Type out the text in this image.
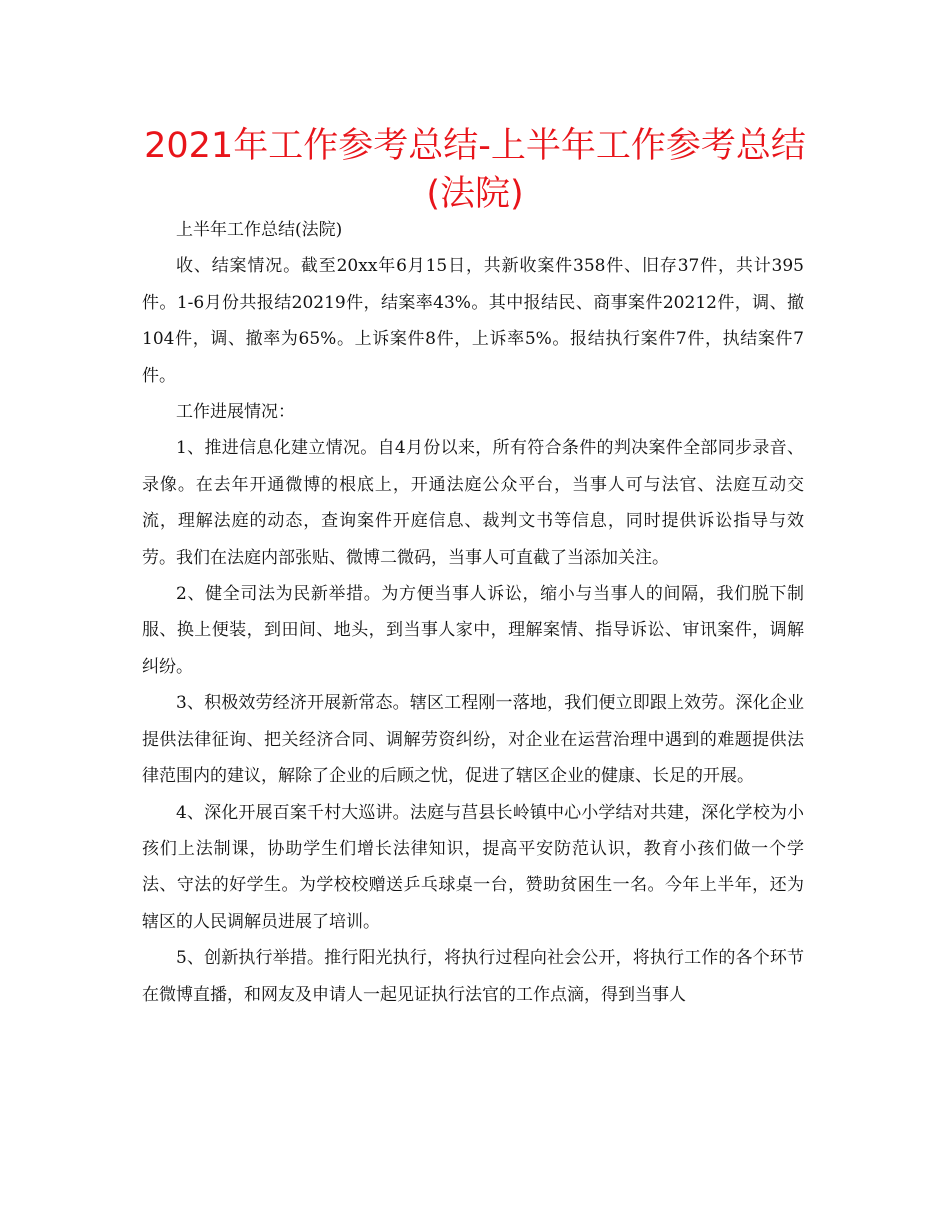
2021年工作参考总结-上半年工作参考总结(法院)

上半年工作总结(法院)

收、结案情况。截至20xx年6月15日，共新收案件358件、旧存37件，共计395件。1-6月份共报结20219件，结案率43%。其中报结民、商事案件20212件，调、撤104件，调、撤率为65%。上诉案件8件，上诉率5%。报结执行案件7件，执结案件7件。

工作进展情况：

1、推进信息化建立情况。自4月份以来，所有符合条件的判决案件全部同步录音、录像。在去年开通微博的根底上，开通法庭公众平台，当事人可与法官、法庭互动交流，理解法庭的动态，查询案件开庭信息、裁判文书等信息，同时提供诉讼指导与效劳。我们在法庭内部张贴、微博二微码，当事人可直截了当添加关注。

2、健全司法为民新举措。为方便当事人诉讼，缩小与当事人的间隔，我们脱下制服、换上便装，到田间、地头，到当事人家中，理解案情、指导诉讼、审讯案件，调解纠纷。

3、积极效劳经济开展新常态。辖区工程刚一落地，我们便立即跟上效劳。深化企业提供法律征询、把关经济合同、调解劳资纠纷，对企业在运营治理中遇到的难题提供法律范围内的建议，解除了企业的后顾之忧，促进了辖区企业的健康、长足的开展。

4、深化开展百案千村大巡讲。法庭与莒县长岭镇中心小学结对共建，深化学校为小孩们上法制课，协助学生们增长法律知识，提高平安防范认识，教育小孩们做一个学法、守法的好学生。为学校校赠送乒乓球桌一台，赞助贫困生一名。今年上半年，还为辖区的人民调解员进展了培训。

5、创新执行举措。推行阳光执行，将执行过程向社会公开，将执行工作的各个环节在微博直播，和网友及申请人一起见证执行法官的工作点滴，得到当事人
